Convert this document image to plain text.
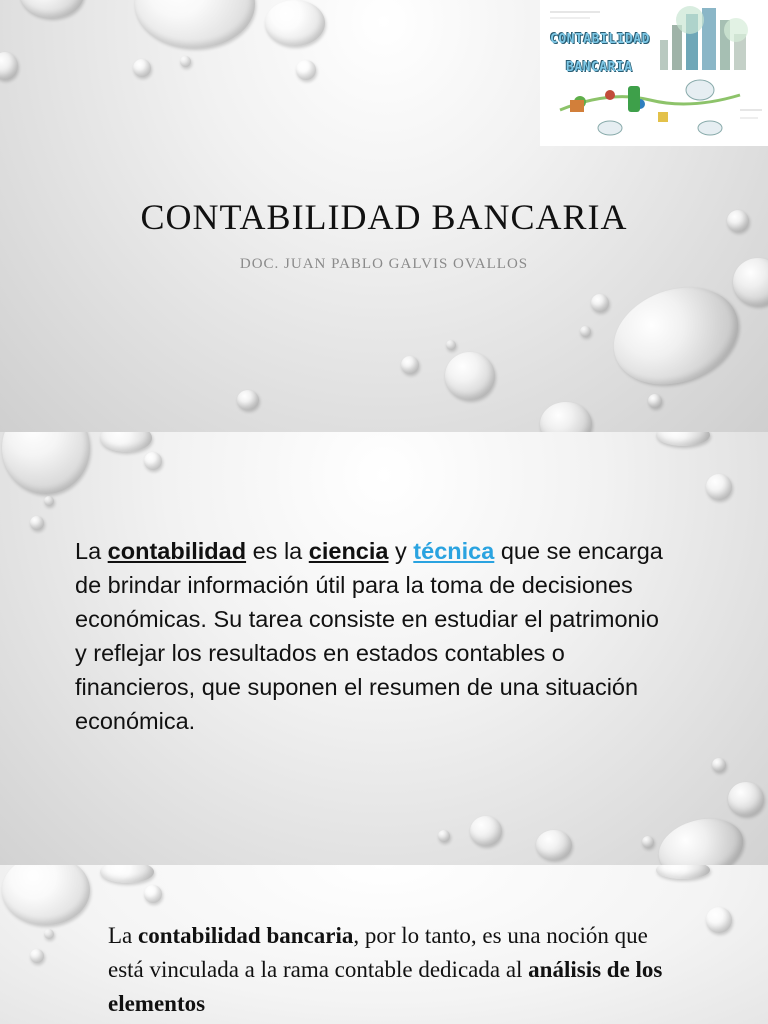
CONTABILIDAD
BANCARIA
CONTABILIDAD BANCARIA
DOC. JUAN PABLO GALVIS OVALLOS

La contabilidad es la ciencia y técnica que se encarga de brindar información útil para la toma de decisiones económicas. Su tarea consiste en estudiar el patrimonio y reflejar los resultados en estados contables o financieros, que suponen el resumen de una situación económica.

La contabilidad bancaria, por lo tanto, es una noción que está vinculada a la rama contable dedicada al análisis de los elementos
